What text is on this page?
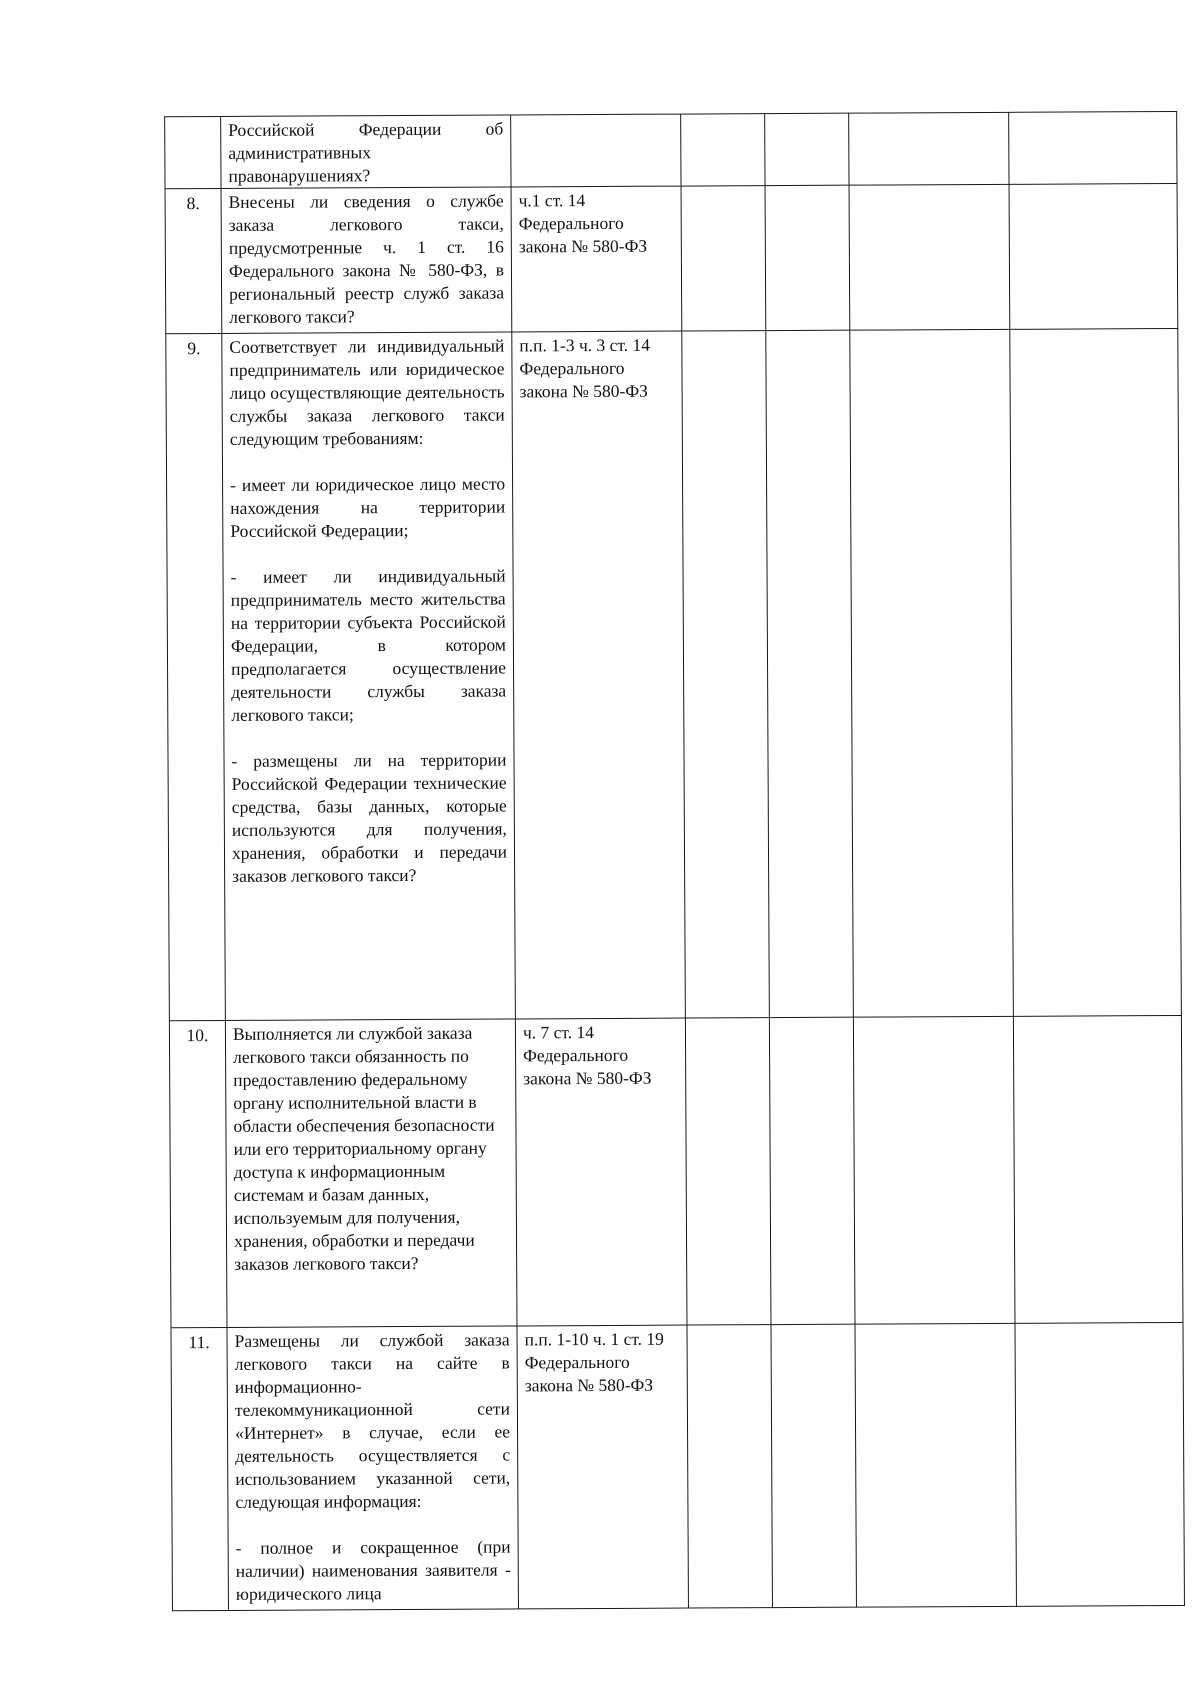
	Российской Федерации об административных правонарушениях?					

8.	Внесены ли сведения о службе заказа легкового такси, предусмотренные ч. 1 ст. 16 Федерального закона № 580-ФЗ, в региональный реестр служб заказа легкового такси?	ч.1 ст. 14 Федерального закона № 580-ФЗ				
9.	Соответствует ли индивидуальный предприниматель или юридическое лицо осуществляющие деятельность службы заказа легкового такси следующим требованиям:

- имеет ли юридическое лицо место нахождения на территории Российской Федерации;

- имеет ли индивидуальный предприниматель место жительства на территории субъекта Российской Федерации, в котором предполагается осуществление деятельности службы заказа легкового такси;

- размещены ли на территории Российской Федерации технические средства, базы данных, которые используются для получения, хранения, обработки и передачи заказов легкового такси?	п.п. 1-3 ч. 3 ст. 14 Федерального закона № 580-ФЗ				
10.	Выполняется ли службой заказа легкового такси обязанность по предоставлению федеральному органу исполнительной власти в области обеспечения безопасности или его территориальному органу доступа к информационным системам и базам данных, используемым для получения, хранения, обработки и передачи заказов легкового такси?	ч. 7 ст. 14 Федерального закона № 580-ФЗ				
11.	Размещены ли службой заказа легкового такси на сайте в информационно-телекоммуникационной сети «Интернет» в случае, если ее деятельность осуществляется с использованием указанной сети, следующая информация:

- полное и сокращенное (при наличии) наименования заявителя - юридического лица	п.п. 1-10 ч. 1 ст. 19 Федерального закона № 580-ФЗ				
